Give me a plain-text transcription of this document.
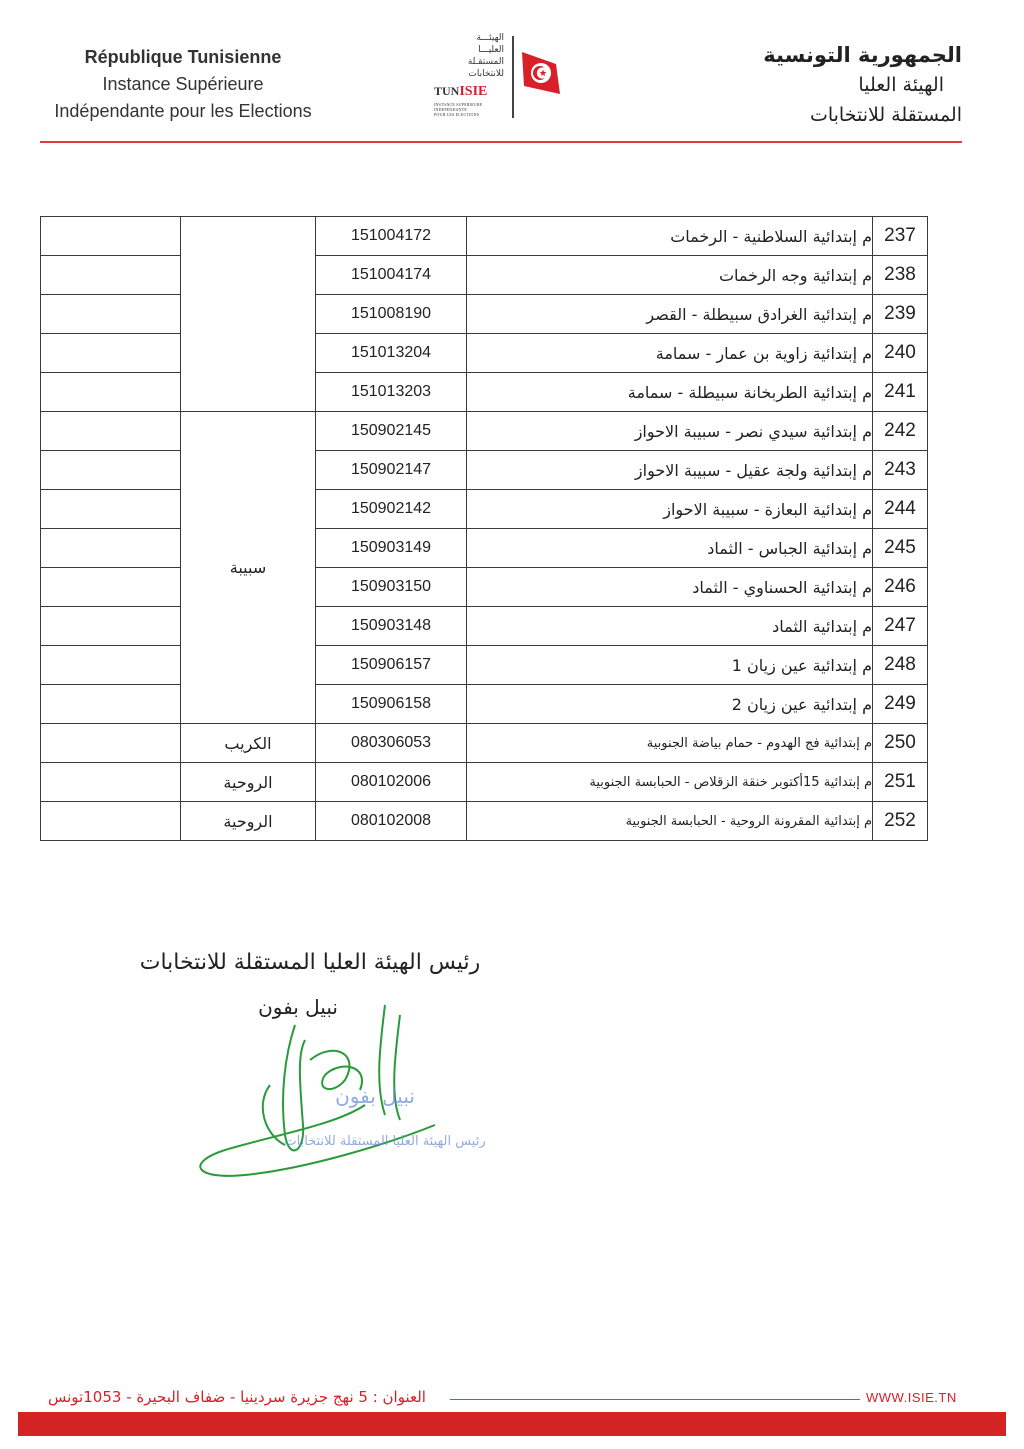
République Tunisienne
Instance Supérieure
Indépendante pour les Elections
الهيئـــة
العليـــا
المستقـلة
للانتخابات
TUNISIE
INSTANCE SUPERIEURE
INDEPENDANTE
POUR LES ELECTIONS
الجمهورية التونسية
الهيئة العليا
المستقلة للانتخابات
		151004172	م إبتدائية السلاطنية - الرخمات	237
		151004174	م إبتدائية وجه الرخمات	238
		151008190	م إبتدائية الغرادق سبيطلة - القصر	239
		151013204	م إبتدائية زاوية بن عمار - سمامة	240
		151013203	م إبتدائية الطربخانة سبيطلة - سمامة	241
	سبيبة	150902145	م إبتدائية سيدي نصر - سبيبة الاحواز	242
		150902147	م إبتدائية ولجة عقيل - سبيبة الاحواز	243
		150902142	م إبتدائية البعازة - سبيبة الاحواز	244
		150903149	م إبتدائية الجباس - الثماد	245
		150903150	م إبتدائية الحسناوي - الثماد	246
		150903148	م إبتدائية الثماد	247
		150906157	م إبتدائية عين زيان 1	248
		150906158	م إبتدائية عين زيان 2	249
	الكريب	080306053	م إبتدائية فج الهدوم - حمام بياضة الجنوبية	250
	الروحية	080102006	م إبتدائية 15أكتوبر خنقة الزقلاص - الحبابسة الجنوبية	251
	الروحية	080102008	م إبتدائية المقرونة الروحية - الحبابسة الجنوبية	252
رئيس الهيئة العليا المستقلة للانتخابات
نبيل بفون
نبيل بفون
رئيس الهيئة العليا المستقلة للانتخابات
العنوان : 5 نهج جزيرة سردينيا - ضفاف البحيرة - 1053تونس	WWW.ISIE.TN
